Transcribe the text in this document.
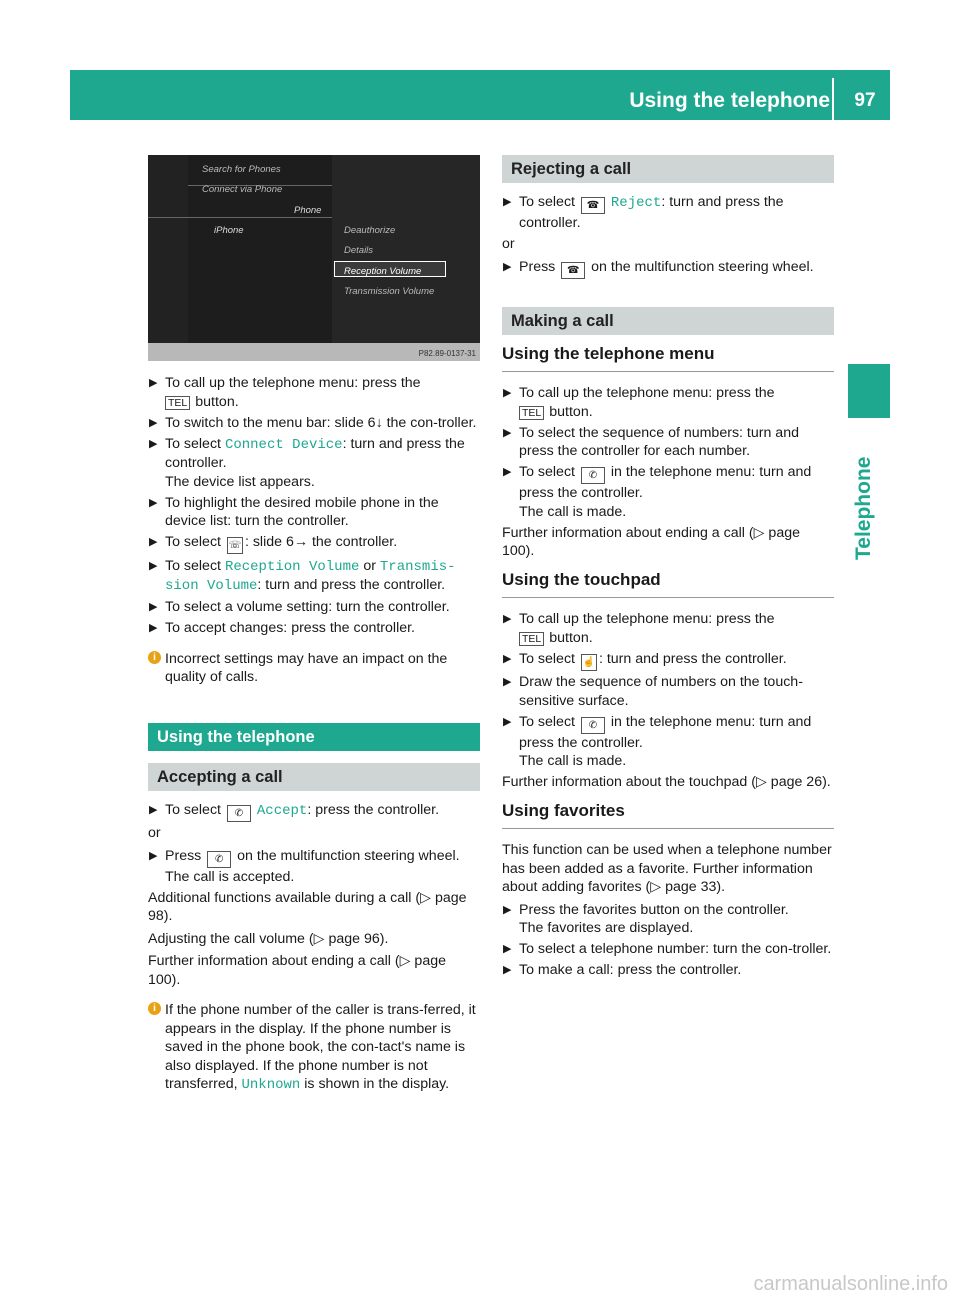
Using the telephone	97
Telephone
Search for Phones
Connect via Phone
Phone
iPhone	Deauthorize
Details
Reception Volume
Transmission Volume
P82.89-0137-31
▶ To call up the telephone menu: press the
TEL button.
▶ To switch to the menu bar: slide 6↓ the con-troller.
▶ To select Connect Device: turn and press the controller.
The device list appears.
▶ To highlight the desired mobile phone in the device list: turn the controller.
▶ To select ☏ : slide 6→ the controller.
▶ To select Reception Volume or Transmis-sion Volume: turn and press the controller.
▶ To select a volume setting: turn the controller.
▶ To accept changes: press the controller.
i Incorrect settings may have an impact on the quality of calls.
Using the telephone
Accepting a call
▶ To select ✆ Accept: press the controller.
or
▶ Press ✆ on the multifunction steering wheel.
The call is accepted.
Additional functions available during a call (▷ page 98).
Adjusting the call volume (▷ page 96).
Further information about ending a call (▷ page 100).
i If the phone number of the caller is trans-ferred, it appears in the display. If the phone number is saved in the phone book, the con-tact's name is also displayed. If the phone number is not transferred, Unknown is shown in the display.
Rejecting a call
▶ To select ☎ Reject: turn and press the controller.
or
▶ Press ☎ on the multifunction steering wheel.
Making a call
Using the telephone menu
▶ To call up the telephone menu: press the
TEL button.
▶ To select the sequence of numbers: turn and press the controller for each number.
▶ To select ✆ in the telephone menu: turn and press the controller.
The call is made.
Further information about ending a call (▷ page 100).
Using the touchpad
▶ To call up the telephone menu: press the
TEL button.
▶ To select ☝ : turn and press the controller.
▶ Draw the sequence of numbers on the touch-sensitive surface.
▶ To select ✆ in the telephone menu: turn and press the controller.
The call is made.
Further information about the touchpad (▷ page 26).
Using favorites
This function can be used when a telephone number has been added as a favorite. Further information about adding favorites (▷ page 33).
▶ Press the favorites button on the controller.
The favorites are displayed.
▶ To select a telephone number: turn the con-troller.
▶ To make a call: press the controller.
carmanualsonline.info
